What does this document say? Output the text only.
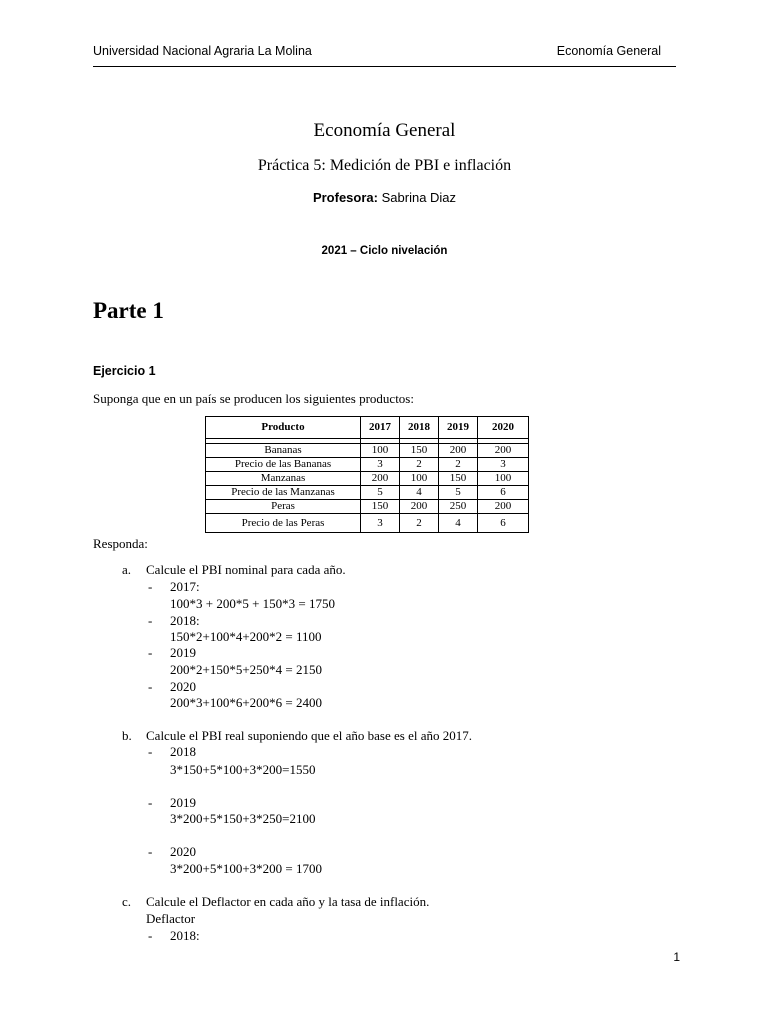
Universidad Nacional Agraria La Molina	Economía General
Economía General
Práctica 5: Medición de PBI e inflación
Profesora: Sabrina Diaz
2021 – Ciclo nivelación
Parte 1
Ejercicio 1
Suponga que en un país se producen los siguientes productos:
Producto	2017	2018	2019	2020

Bananas	100	150	200	200
Precio de las Bananas	3	2	2	3
Manzanas	200	100	150	100
Precio de las Manzanas	5	4	5	6
Peras	150	200	250	200
Precio de las Peras	3	2	4	6
Responda:
a. Calcule el PBI nominal para cada año.
- 2017:
100*3 + 200*5 + 150*3 = 1750
- 2018:
150*2+100*4+200*2 = 1100
- 2019
200*2+150*5+250*4 = 2150
- 2020
200*3+100*6+200*6 = 2400
b. Calcule el PBI real suponiendo que el año base es el año 2017.
- 2018
3*150+5*100+3*200=1550
- 2019
3*200+5*150+3*250=2100
- 2020
3*200+5*100+3*200 = 1700
c. Calcule el Deflactor en cada año y la tasa de inflación.
Deflactor
- 2018:
1
